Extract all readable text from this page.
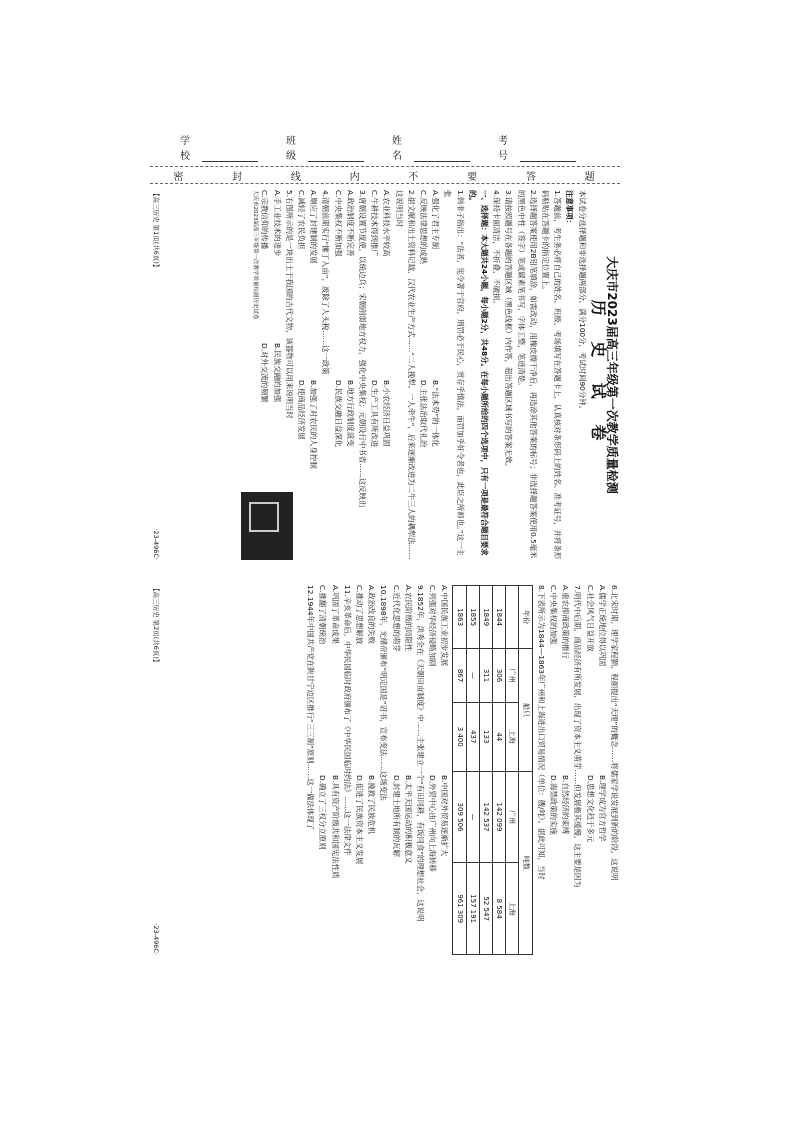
学校
班级
姓名
考号
密	封	线	内	不	要	答	题
大庆市2023届高三年级第一次教学质量检测
历 史 试 卷

本试卷分选择题和非选择题两部分，满分100分，考试时间90分钟。

注意事项：

1.答题前，考生务必将自己的姓名、班级、考场填写在答题卡上，认真核对条形码上的姓名、准考证号，并将条形码粘贴在答题卡的指定位置上。

2.选择题答案使用2B铅笔填涂，如需改动，用橡皮擦干净后，再选涂其他答案的标号；非选择题答案使用0.5毫米的黑色中性（签字）笔或碳素笔书写，字体工整，笔迹清楚。

3.请按照题号在各题的答题区域（黑色线框）内作答，超出答题区域书写的答案无效。

4.保持卡面清洁，不折叠、不破损。

一、选择题：本大题共24小题，每小题2分，共48分。在每小题所给的四个选项中，只有一项是最符合题目要求的。

1.韩非子指出：“法者，宪令著于官府，刑罚必于民心，赏存乎慎法，而罚加乎奸令者也，此臣之所师也。”这一主张

A.强化了君主专制
B.“法术势”的一体化
C.反映法律思想的成熟
D.主张法治取代礼治

2.据文献和出土资料记载，汉代农业生产方式……“二人挽犁、一人牵牛”，后来逐渐改进为二牛三人的耦犁法……这说明当时

A.农业科技水平较高
B.小农经济日益巩固
C.牛耕技术得到推广
D.生产工具有所改进

3.唐朝设置节度使，以统边兵；宋朝削弱地方权力，强化中央集权；元朝设行中书省……这反映出

A.政治制度不断完善
B.地方行政制度演变
C.中央集权不断加强
D.民族交融日益深化

4.清朝前期实行“摊丁入亩”，废除了人头税……这一政策

A.顺应了封建制的发展
B.加强了对农民的人身控制
C.减轻了农民负担
D.使商品经济发展

5.右图所示的是一块出土于我国的古代文物，该器物可以用来说明当时

A.手工业技术的进步
B.民族交融的加强
C.宗教信仰的传播
D.对外交流的频繁
大庆市2023届高三年级第一次教学质量检测历史试卷
【高三历史 第1页(共6页)】
·23-496C·

6.北宋时期，理学家程颢、程颐提出“天理”的概念……将儒家学说发展到新的阶段，这说明

A.儒学正统地位得以巩固
B.理学成为官方哲学
C.社会风气日益开放
D.思想文化趋于多元

7.明代中后期，商品经济有所发展，出现了资本主义萌芽……但发展极其缓慢，这主要是因为

A.重农抑商政策的推行
B.自然经济的束缚
C.中央集权的加强
D.海禁政策的实施

8.下表所示为1844—1863年广州和上海进出口贸易情况（单位：艘/吨）。据此可知，当时

年份	船只		吨数	
	广州	上海	广州	上海
1844	306	44	142 099	8 584
1849	311	133	142 537	52 547
1855	—	437	—	157 191
1863	867	3 400	309 506	961 309
A.中国民族工业初步发展
B.中国对外贸易逐渐扩大
C.列强对华经济侵略加剧
D.外贸中心由广州向上海转移

9.1852年，洪秀全在《天朝田亩制度》中……主张建立一个“有田同耕，有饭同食”的理想社会，这说明

A.农民阶级的局限性
B.太平天国运动的积极意义
C.近代化思想的萌芽
D.封建土地所有制的瓦解

10.1898年，光绪帝颁布“明定国是”诏书，宣布变法……这场变法

A.政治改良的失败
B.挽救了民族危机
C.推动了思想解放
D.促进了民族资本主义发展

11.辛亥革命后，中华民国临时政府颁布了《中华民国临时约法》……这一法律文件

A.巩固了革命成果
B.具有资产阶级共和国宪法性质
C.推翻了清朝统治
D.确立了三权分立原则

12.1944年中国共产党在陕甘宁边区推行“三三制”原则……这一做法体现了

【高三历史 第2页(共6页)】
·23-496C·
